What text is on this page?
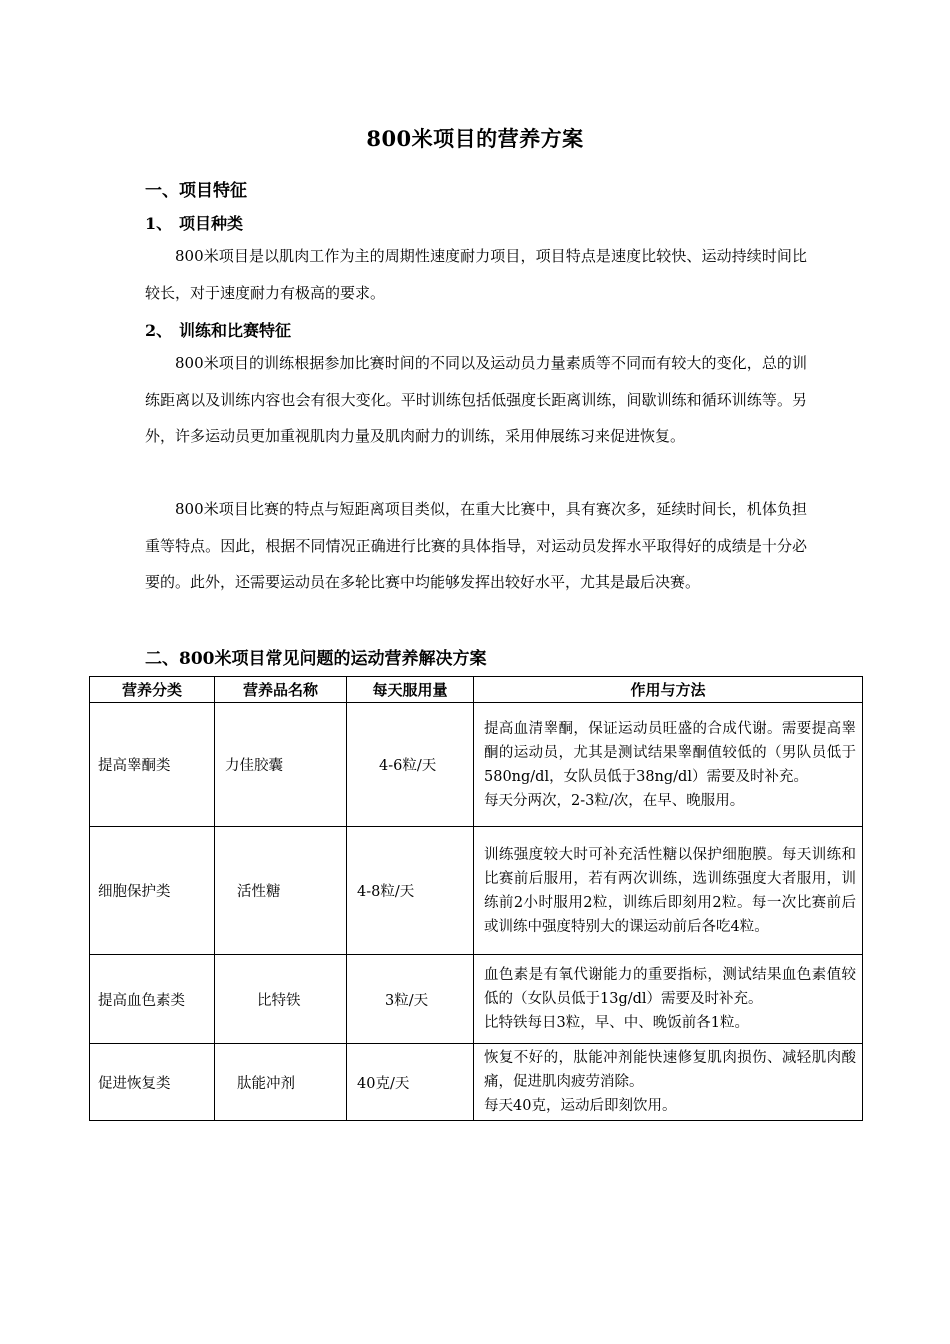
800米项目的营养方案
一、项目特征
1、 项目种类

800米项目是以肌肉工作为主的周期性速度耐力项目，项目特点是速度比较快、运动持续时间比较长，对于速度耐力有极高的要求。

2、 训练和比赛特征

800米项目的训练根据参加比赛时间的不同以及运动员力量素质等不同而有较大的变化，总的训练距离以及训练内容也会有很大变化。平时训练包括低强度长距离训练，间歇训练和循环训练等。另外，许多运动员更加重视肌肉力量及肌肉耐力的训练，采用伸展练习来促进恢复。

800米项目比赛的特点与短距离项目类似，在重大比赛中，具有赛次多，延续时间长，机体负担重等特点。因此，根据不同情况正确进行比赛的具体指导，对运动员发挥水平取得好的成绩是十分必要的。此外，还需要运动员在多轮比赛中均能够发挥出较好水平，尤其是最后决赛。

二、800米项目常见问题的运动营养解决方案
营养分类	营养品名称	每天服用量	作用与方法
提高睾酮类	力佳胶囊	4-6粒/天	提高血清睾酮，保证运动员旺盛的合成代谢。需要提高睾酮的运动员，尤其是测试结果睾酮值较低的（男队员低于580ng/dl，女队员低于38ng/dl）需要及时补充。
每天分两次，2-3粒/次，在早、晚服用。

细胞保护类	活性糖	4-8粒/天	训练强度较大时可补充活性糖以保护细胞膜。每天训练和比赛前后服用，若有两次训练，选训练强度大者服用，训练前2小时服用2粒，训练后即刻用2粒。每一次比赛前后或训练中强度特别大的课运动前后各吃4粒。

提高血色素类	比特铁	3粒/天	血色素是有氧代谢能力的重要指标，测试结果血色素值较低的（女队员低于13g/dl）需要及时补充。
比特铁每日3粒，早、中、晚饭前各1粒。

促进恢复类	肽能冲剂	40克/天	恢复不好的，肽能冲剂能快速修复肌肉损伤、减轻肌肉酸痛，促进肌肉疲劳消除。
每天40克，运动后即刻饮用。
